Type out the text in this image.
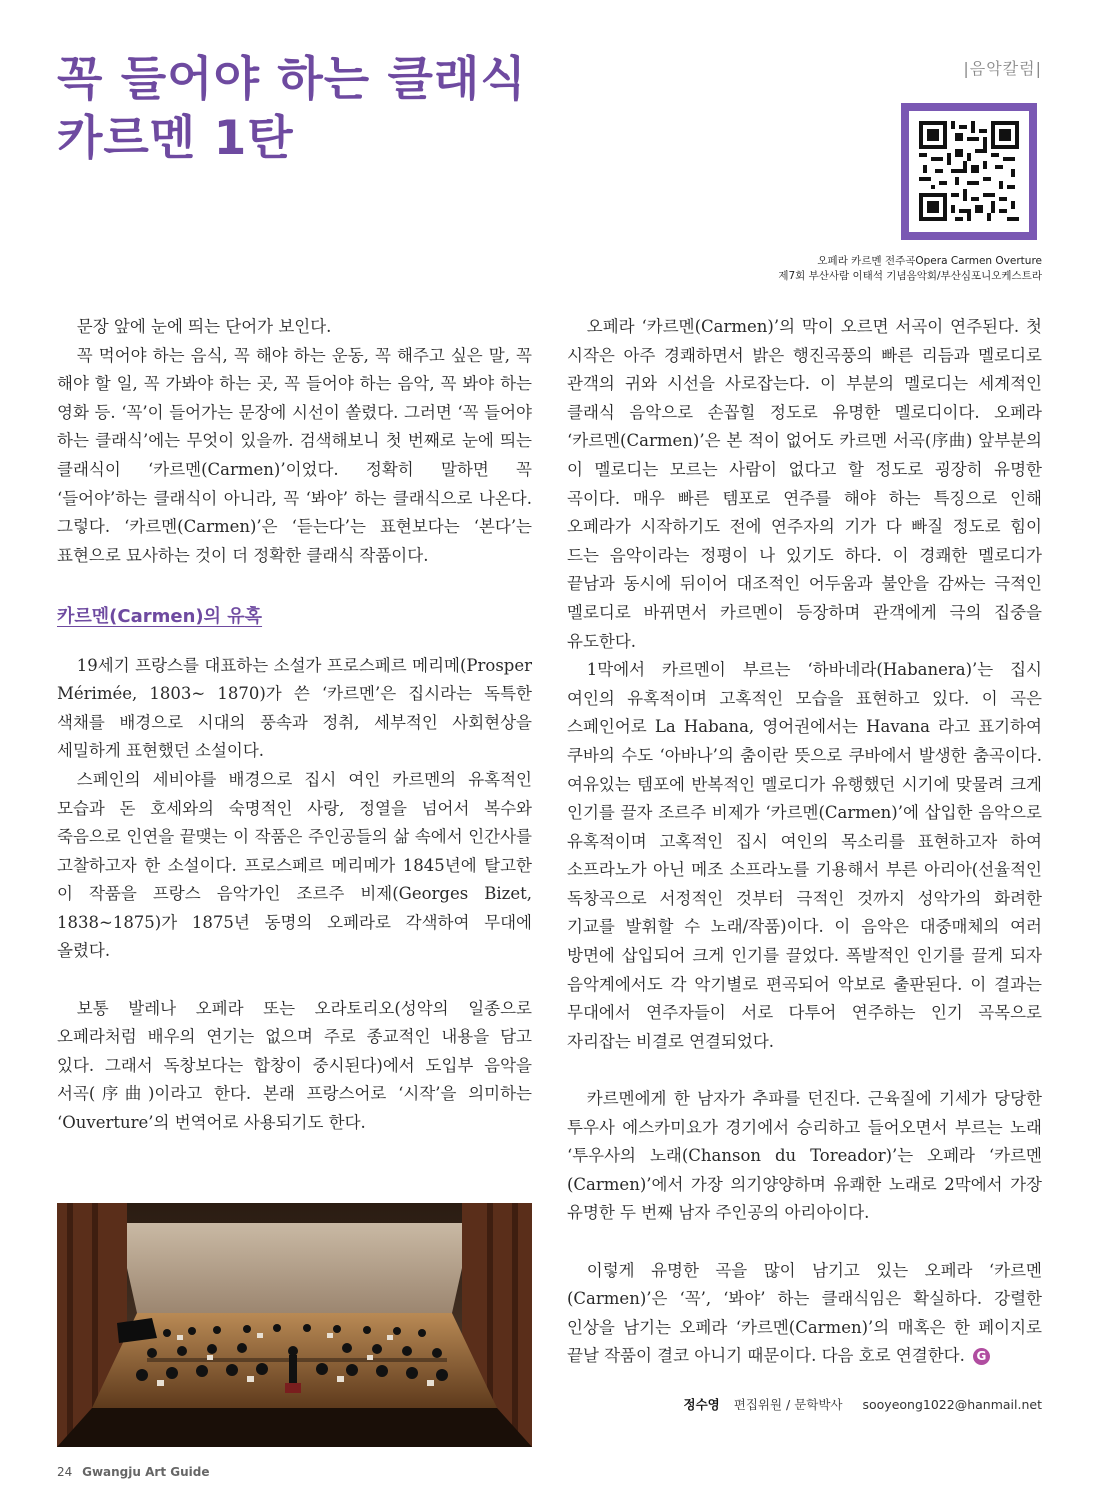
꼭 들어야 하는 클래식
카르멘 1탄
|음악칼럼|
오페라 카르멘 전주곡Opera Carmen Overture
제7회 부산사람 이태석 기념음악회/부산심포니오케스트라

문장 앞에 눈에 띄는 단어가 보인다.

꼭 먹어야 하는 음식, 꼭 해야 하는 운동, 꼭 해주고 싶은 말, 꼭 해야 할 일, 꼭 가봐야 하는 곳, 꼭 들어야 하는 음악, 꼭 봐야 하는 영화 등. ‘꼭’이 들어가는 문장에 시선이 쏠렸다. 그러면 ‘꼭 들어야 하는 클래식’에는 무엇이 있을까. 검색해보니 첫 번째로 눈에 띄는 클래식이 ‘카르멘(Carmen)’이었다. 정확히 말하면 꼭 ‘들어야’하는 클래식이 아니라, 꼭 ‘봐야’ 하는 클래식으로 나온다. 그렇다. ‘카르멘(Carmen)’은 ‘듣는다’는 표현보다는 ‘본다’는 표현으로 묘사하는 것이 더 정확한 클래식 작품이다.

카르멘(Carmen)의 유혹

19세기 프랑스를 대표하는 소설가 프로스페르 메리메(Prosper Mérimée, 1803~ 1870)가 쓴 ‘카르멘’은 집시라는 독특한 색채를 배경으로 시대의 풍속과 정취, 세부적인 사회현상을 세밀하게 표현했던 소설이다.

스페인의 세비야를 배경으로 집시 여인 카르멘의 유혹적인 모습과 돈 호세와의 숙명적인 사랑, 정열을 넘어서 복수와 죽음으로 인연을 끝맺는 이 작품은 주인공들의 삶 속에서 인간사를 고찰하고자 한 소설이다. 프로스페르 메리메가 1845년에 탈고한 이 작품을 프랑스 음악가인 조르주 비제(Georges Bizet, 1838~1875)가 1875년 동명의 오페라로 각색하여 무대에 올렸다.

보통 발레나 오페라 또는 오라토리오(성악의 일종으로 오페라처럼 배우의 연기는 없으며 주로 종교적인 내용을 담고 있다. 그래서 독창보다는 합창이 중시된다)에서 도입부 음악을 서곡(序曲)이라고 한다. 본래 프랑스어로 ‘시작’을 의미하는 ‘Ouverture’의 번역어로 사용되기도 한다.

오페라 ‘카르멘(Carmen)’의 막이 오르면 서곡이 연주된다. 첫 시작은 아주 경쾌하면서 밝은 행진곡풍의 빠른 리듬과 멜로디로 관객의 귀와 시선을 사로잡는다. 이 부분의 멜로디는 세계적인 클래식 음악으로 손꼽힐 정도로 유명한 멜로디이다. 오페라 ‘카르멘(Carmen)’은 본 적이 없어도 카르멘 서곡(序曲) 앞부분의 이 멜로디는 모르는 사람이 없다고 할 정도로 굉장히 유명한 곡이다. 매우 빠른 템포로 연주를 해야 하는 특징으로 인해 오페라가 시작하기도 전에 연주자의 기가 다 빠질 정도로 힘이 드는 음악이라는 정평이 나 있기도 하다. 이 경쾌한 멜로디가 끝남과 동시에 뒤이어 대조적인 어두움과 불안을 감싸는 극적인 멜로디로 바뀌면서 카르멘이 등장하며 관객에게 극의 집중을 유도한다.

1막에서 카르멘이 부르는 ‘하바네라(Habanera)’는 집시 여인의 유혹적이며 고혹적인 모습을 표현하고 있다. 이 곡은 스페인어로 La Habana, 영어권에서는 Havana 라고 표기하여 쿠바의 수도 ‘아바나’의 춤이란 뜻으로 쿠바에서 발생한 춤곡이다. 여유있는 템포에 반복적인 멜로디가 유행했던 시기에 맞물려 크게 인기를 끌자 조르주 비제가 ‘카르멘(Carmen)’에 삽입한 음악으로 유혹적이며 고혹적인 집시 여인의 목소리를 표현하고자 하여 소프라노가 아닌 메조 소프라노를 기용해서 부른 아리아(선율적인 독창곡으로 서정적인 것부터 극적인 것까지 성악가의 화려한 기교를 발휘할 수 노래/작품)이다. 이 음악은 대중매체의 여러 방면에 삽입되어 크게 인기를 끌었다. 폭발적인 인기를 끌게 되자 음악계에서도 각 악기별로 편곡되어 악보로 출판된다. 이 결과는 무대에서 연주자들이 서로 다투어 연주하는 인기 곡목으로 자리잡는 비결로 연결되었다.

카르멘에게 한 남자가 추파를 던진다. 근육질에 기세가 당당한 투우사 에스카미요가 경기에서 승리하고 들어오면서 부르는 노래 ‘투우사의 노래(Chanson du Toreador)’는 오페라 ‘카르멘(Carmen)’에서 가장 의기양양하며 유쾌한 노래로 2막에서 가장 유명한 두 번째 남자 주인공의 아리아이다.

이렇게 유명한 곡을 많이 남기고 있는 오페라 ‘카르멘(Carmen)’은 ‘꼭’, ‘봐야’ 하는 클래식임은 확실하다. 강렬한 인상을 남기는 오페라 ‘카르멘(Carmen)’의 매혹은 한 페이지로 끝날 작품이 결코 아니기 때문이다. 다음 호로 연결한다. G

정수영 편집위원 / 문학박사 sooyeong1022@hanmail.net
24 Gwangju Art Guide
